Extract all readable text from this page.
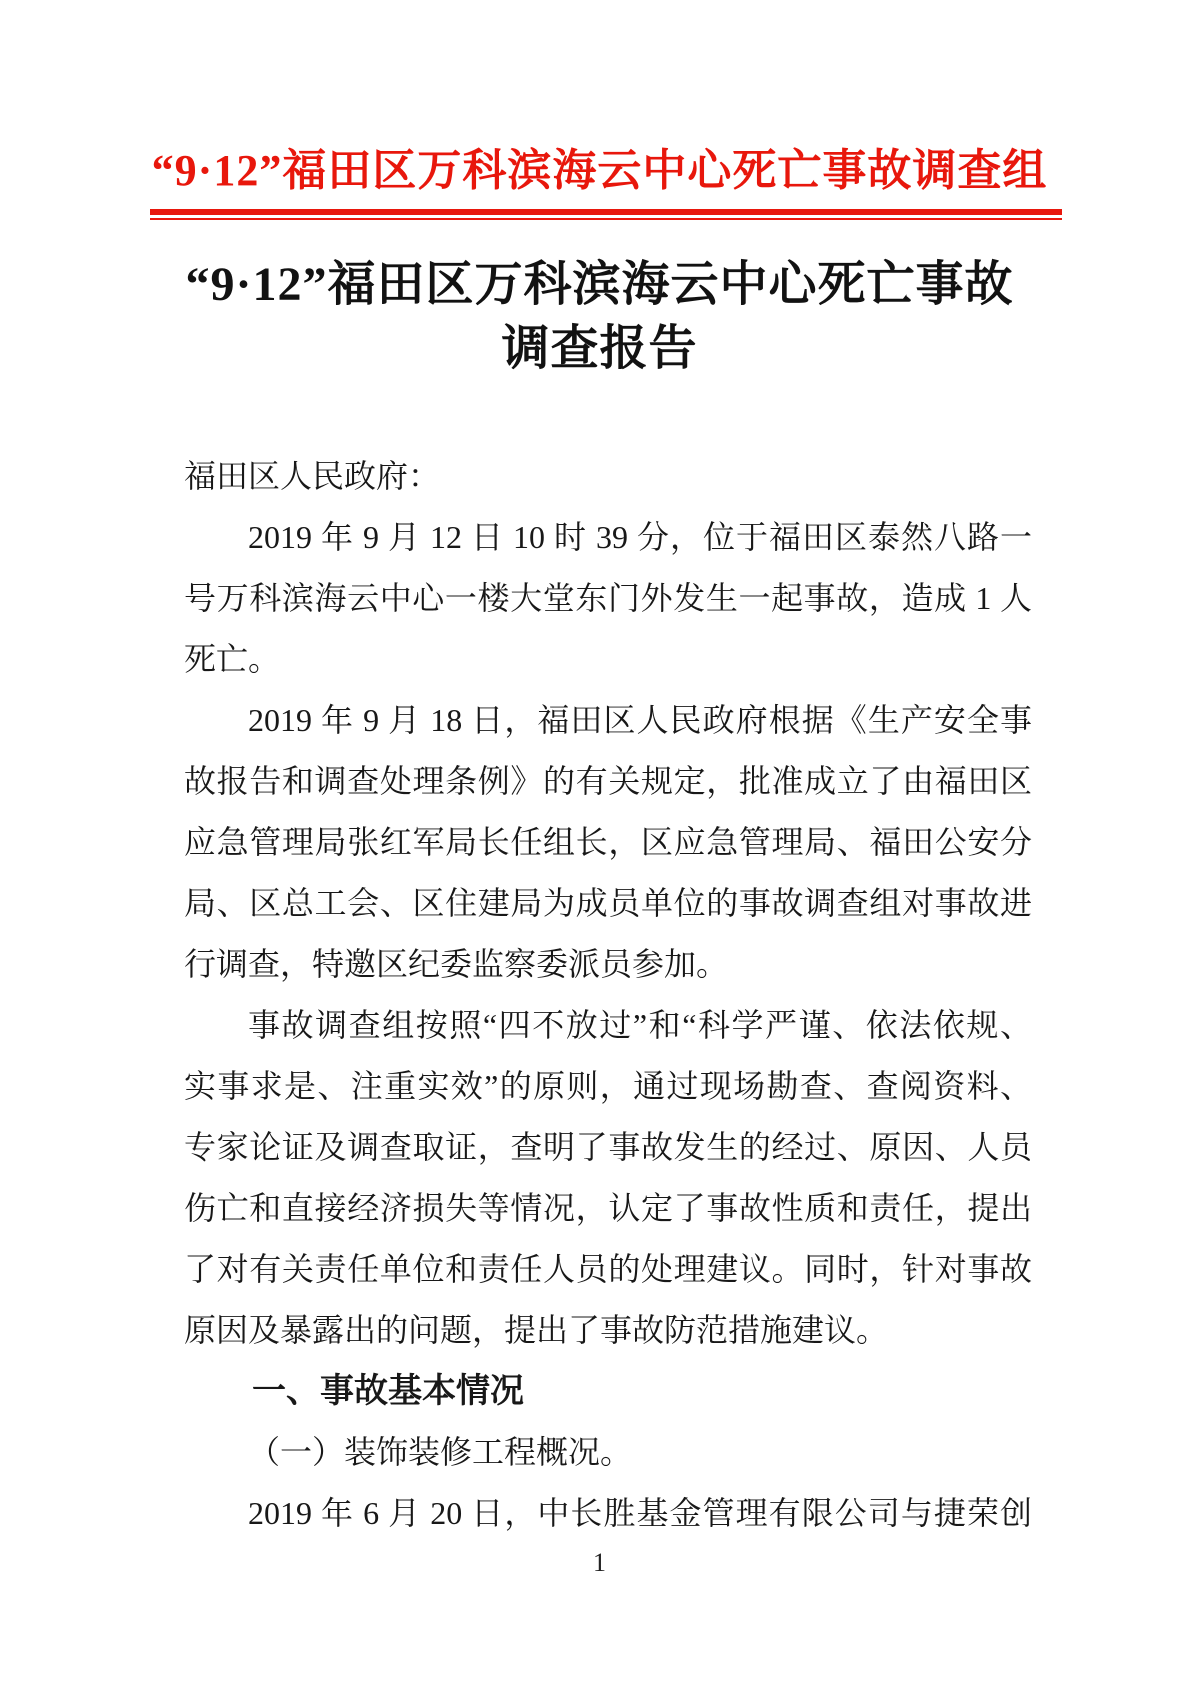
“9·12”福田区万科滨海云中心死亡事故调查组
“9·12”福田区万科滨海云中心死亡事故
调查报告
福田区人民政府：
2019 年 9 月 12 日 10 时 39 分，位于福田区泰然八路一
号万科滨海云中心一楼大堂东门外发生一起事故，造成 1 人
死亡。
2019 年 9 月 18 日，福田区人民政府根据《生产安全事
故报告和调查处理条例》的有关规定，批准成立了由福田区
应急管理局张红军局长任组长，区应急管理局、福田公安分
局、区总工会、区住建局为成员单位的事故调查组对事故进
行调查，特邀区纪委监察委派员参加。
事故调查组按照“四不放过”和“科学严谨、依法依规、
实事求是、注重实效”的原则，通过现场勘查、查阅资料、
专家论证及调查取证，查明了事故发生的经过、原因、人员
伤亡和直接经济损失等情况，认定了事故性质和责任，提出
了对有关责任单位和责任人员的处理建议。同时，针对事故
原因及暴露出的问题，提出了事故防范措施建议。
一、事故基本情况
（一）装饰装修工程概况。
2019 年 6 月 20 日，中长胜基金管理有限公司与捷荣创
1
